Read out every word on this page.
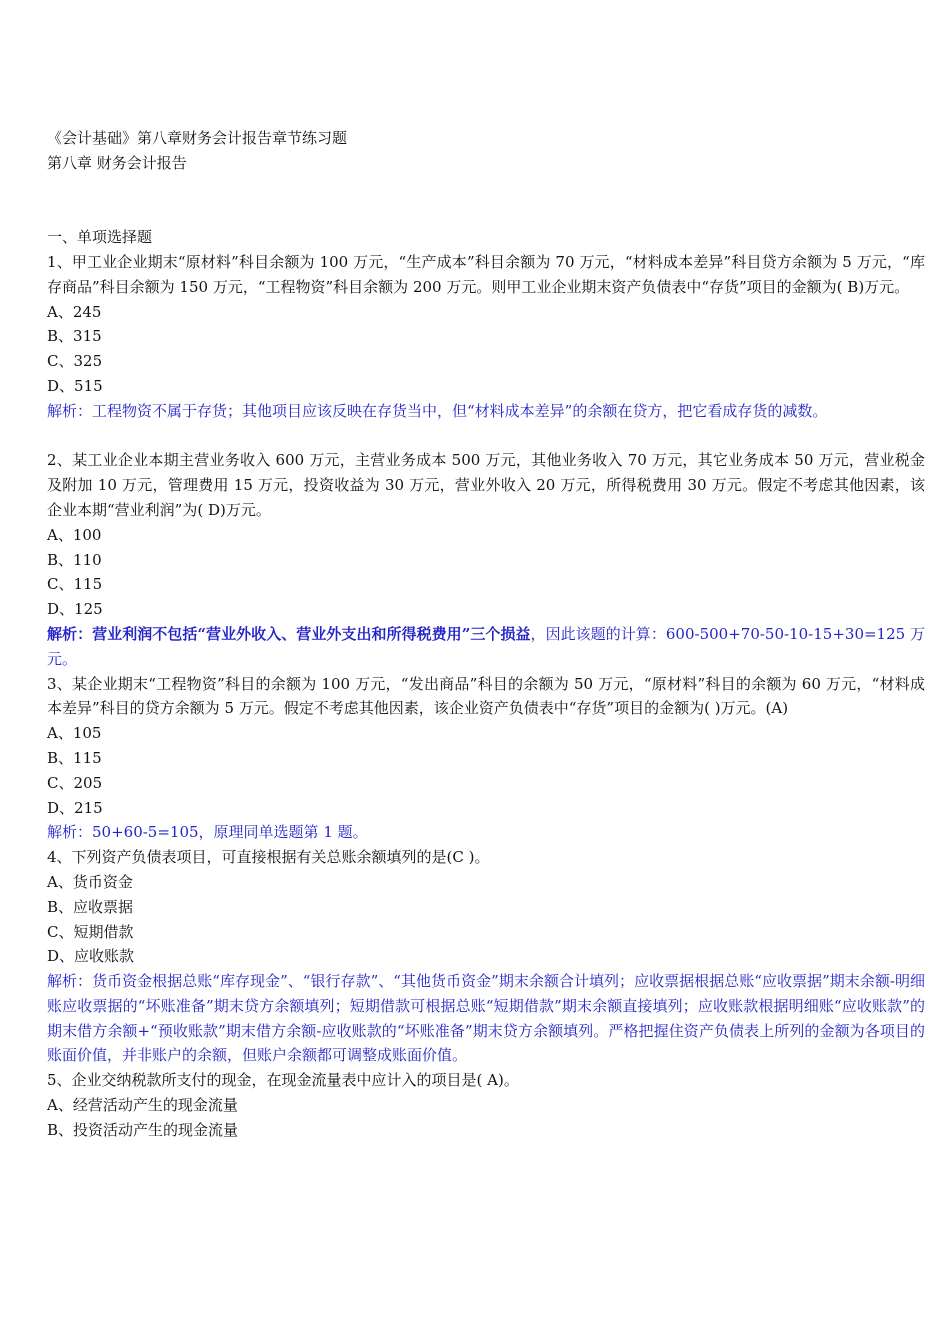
《会计基础》第八章财务会计报告章节练习题
第八章 财务会计报告
一、单项选择题
1、甲工业企业期末“原材料”科目余额为 100 万元，“生产成本”科目余额为 70 万元，“材料成本差异”科目贷方余额为 5 万元，“库存商品”科目余额为 150 万元，“工程物资”科目余额为 200 万元。则甲工业企业期末资产负债表中“存货”项目的金额为( B)万元。
A、245
B、315
C、325
D、515
解析：工程物资不属于存货；其他项目应该反映在存货当中，但“材料成本差异”的余额在贷方，把它看成存货的减数。
2、某工业企业本期主营业务收入 600 万元，主营业务成本 500 万元，其他业务收入 70 万元，其它业务成本 50 万元，营业税金及附加 10 万元，管理费用 15 万元，投资收益为 30 万元，营业外收入 20 万元，所得税费用 30 万元。假定不考虑其他因素，该企业本期“营业利润”为( D)万元。
A、100
B、110
C、115
D、125
解析：营业利润不包括“营业外收入、营业外支出和所得税费用”三个损益，因此该题的计算：600-500+70-50-10-15+30=125 万元。
3、某企业期末“工程物资”科目的余额为 100 万元，“发出商品”科目的余额为 50 万元，“原材料”科目的余额为 60 万元，“材料成本差异”科目的贷方余额为 5 万元。假定不考虑其他因素，该企业资产负债表中“存货”项目的金额为( )万元。(A)
A、105
B、115
C、205
D、215
解析：50+60-5=105，原理同单选题第 1 题。
4、下列资产负债表项目，可直接根据有关总账余额填列的是(C )。
A、货币资金
B、应收票据
C、短期借款
D、应收账款
解析：货币资金根据总账“库存现金”、“银行存款”、“其他货币资金”期末余额合计填列；应收票据根据总账“应收票据”期末余额-明细账应收票据的“坏账准备”期末贷方余额填列；短期借款可根据总账“短期借款”期末余额直接填列；应收账款根据明细账“应收账款”的期末借方余额+“预收账款”期末借方余额-应收账款的“坏账准备”期末贷方余额填列。严格把握住资产负债表上所列的金额为各项目的账面价值，并非账户的余额，但账户余额都可调整成账面价值。
5、企业交纳税款所支付的现金，在现金流量表中应计入的项目是( A)。
A、经营活动产生的现金流量
B、投资活动产生的现金流量
